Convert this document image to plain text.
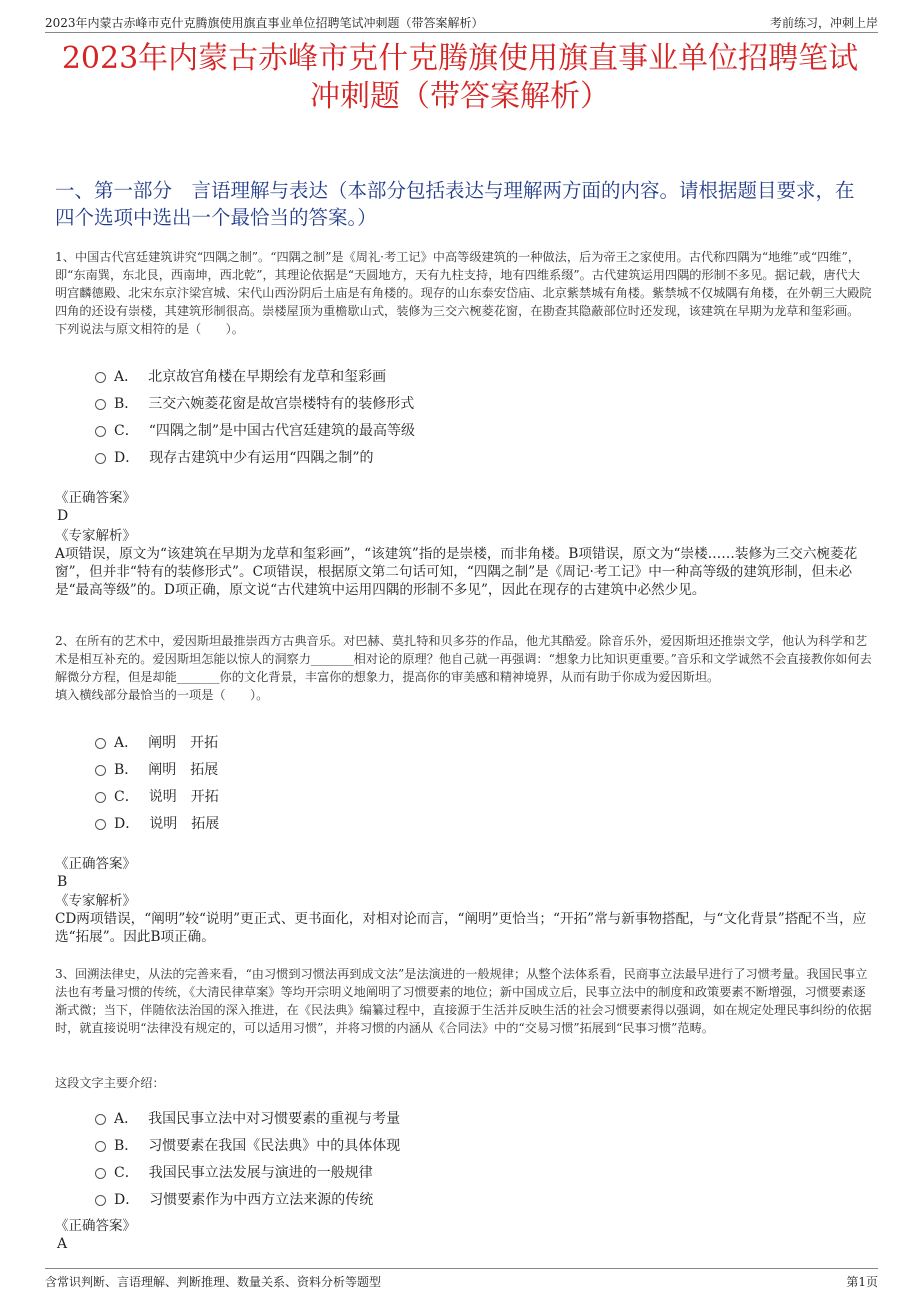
2023年内蒙古赤峰市克什克腾旗使用旗直事业单位招聘笔试冲刺题（带答案解析）	考前练习，冲刺上岸
2023年内蒙古赤峰市克什克腾旗使用旗直事业单位招聘笔试冲刺题（带答案解析）
一、第一部分　言语理解与表达（本部分包括表达与理解两方面的内容。请根据题目要求，在四个选项中选出一个最恰当的答案。）

1、中国古代宫廷建筑讲究“四隅之制”。“四隅之制”是《周礼·考工记》中高等级建筑的一种做法，后为帝王之家使用。古代称四隅为“地维”或“四维”，即“东南巽，东北艮，西南坤，西北乾”，其理论依据是“天圆地方，天有九柱支持，地有四维系缀”。古代建筑运用四隅的形制不多见。据记载，唐代大明宫麟德殿、北宋东京汴梁宫城、宋代山西汾阴后土庙是有角楼的。现存的山东泰安岱庙、北京紫禁城有角楼。紫禁城不仅城隅有角楼，在外朝三大殿院四角的还设有崇楼，其建筑形制很高。崇楼屋顶为重檐歇山式，装修为三交六椀菱花窗，在勘查其隐蔽部位时还发现，该建筑在早期为龙草和玺彩画。

下列说法与原文相符的是（　　）。

A． 北京故宫角楼在早期绘有龙草和玺彩画
B． 三交六婉菱花窗是故宫崇楼特有的装修形式
C． “四隅之制”是中国古代宫廷建筑的最高等级
D． 现存古建筑中少有运用“四隅之制”的

《正确答案》

D

《专家解析》

A项错误，原文为“该建筑在早期为龙草和玺彩画”，“该建筑”指的是崇楼，而非角楼。B项错误，原文为“崇楼……装修为三交六椀菱花窗”，但并非“特有的装修形式”。C项错误，根据原文第二句话可知，“四隅之制”是《周记·考工记》中一种高等级的建筑形制，但未必是“最高等级”的。D项正确，原文说“古代建筑中运用四隅的形制不多见”，因此在现存的古建筑中必然少见。

2、在所有的艺术中，爱因斯坦最推崇西方古典音乐。对巴赫、莫扎特和贝多芬的作品，他尤其酷爱。除音乐外，爱因斯坦还推崇文学，他认为科学和艺术是相互补充的。爱因斯坦怎能以惊人的洞察力_______相对论的原理？他自己就一再强调：“想象力比知识更重要。”音乐和文学诚然不会直接教你如何去解微分方程，但是却能_______你的文化背景，丰富你的想象力，提高你的审美感和精神境界，从而有助于你成为爱因斯坦。

填入横线部分最恰当的一项是（　　）。

A． 阐明　开拓
B． 阐明　拓展
C． 说明　开拓
D． 说明　拓展

《正确答案》

B

《专家解析》

CD两项错误，“阐明”较“说明”更正式、更书面化，对相对论而言，“阐明”更恰当；“开拓”常与新事物搭配，与“文化背景”搭配不当，应选“拓展”。因此B项正确。

3、回溯法律史，从法的完善来看，“由习惯到习惯法再到成文法”是法演进的一般规律；从整个法体系看，民商事立法最早进行了习惯考量。我国民事立法也有考量习惯的传统，《大清民律草案》等均开宗明义地阐明了习惯要素的地位；新中国成立后，民事立法中的制度和政策要素不断增强，习惯要素逐渐式微；当下，伴随依法治国的深入推进，在《民法典》编纂过程中，直接源于生活并反映生活的社会习惯要素得以强调，如在规定处理民事纠纷的依据时，就直接说明“法律没有规定的，可以适用习惯”，并将习惯的内涵从《合同法》中的“交易习惯”拓展到“民事习惯”范畴。

这段文字主要介绍：

A． 我国民事立法中对习惯要素的重视与考量
B． 习惯要素在我国《民法典》中的具体体现
C． 我国民事立法发展与演进的一般规律
D． 习惯要素作为中西方立法来源的传统

《正确答案》

A

含常识判断、言语理解、判断推理、数量关系、资料分析等题型	第1页
